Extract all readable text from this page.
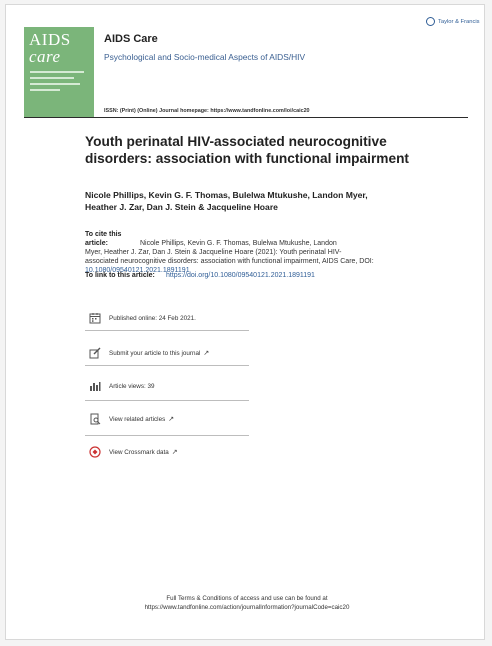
AIDS
care
AIDS Care
Psychological and Socio-medical Aspects of AIDS/HIV
Taylor & Francis
ISSN: (Print) (Online) Journal homepage: https://www.tandfonline.com/loi/caic20
Youth perinatal HIV-associated neurocognitive disorders: association with functional impairment
Nicole Phillips, Kevin G. F. Thomas, Bulelwa Mtukushe, Landon Myer,
Heather J. Zar, Dan J. Stein & Jacqueline Hoare
To cite this article:	Nicole Phillips, Kevin G. F. Thomas, Bulelwa Mtukushe, Landon
Myer, Heather J. Zar, Dan J. Stein & Jacqueline Hoare (2021): Youth perinatal HIV-
associated neurocognitive disorders: association with functional impairment, AIDS Care, DOI:
10.1080/09540121.2021.1891191
To link to this article: https://doi.org/10.1080/09540121.2021.1891191
Published online: 24 Feb 2021.
Submit your article to this journal ↗
Article views: 39
View related articles ↗
View Crossmark data ↗
Full Terms & Conditions of access and use can be found at
https://www.tandfonline.com/action/journalInformation?journalCode=caic20
